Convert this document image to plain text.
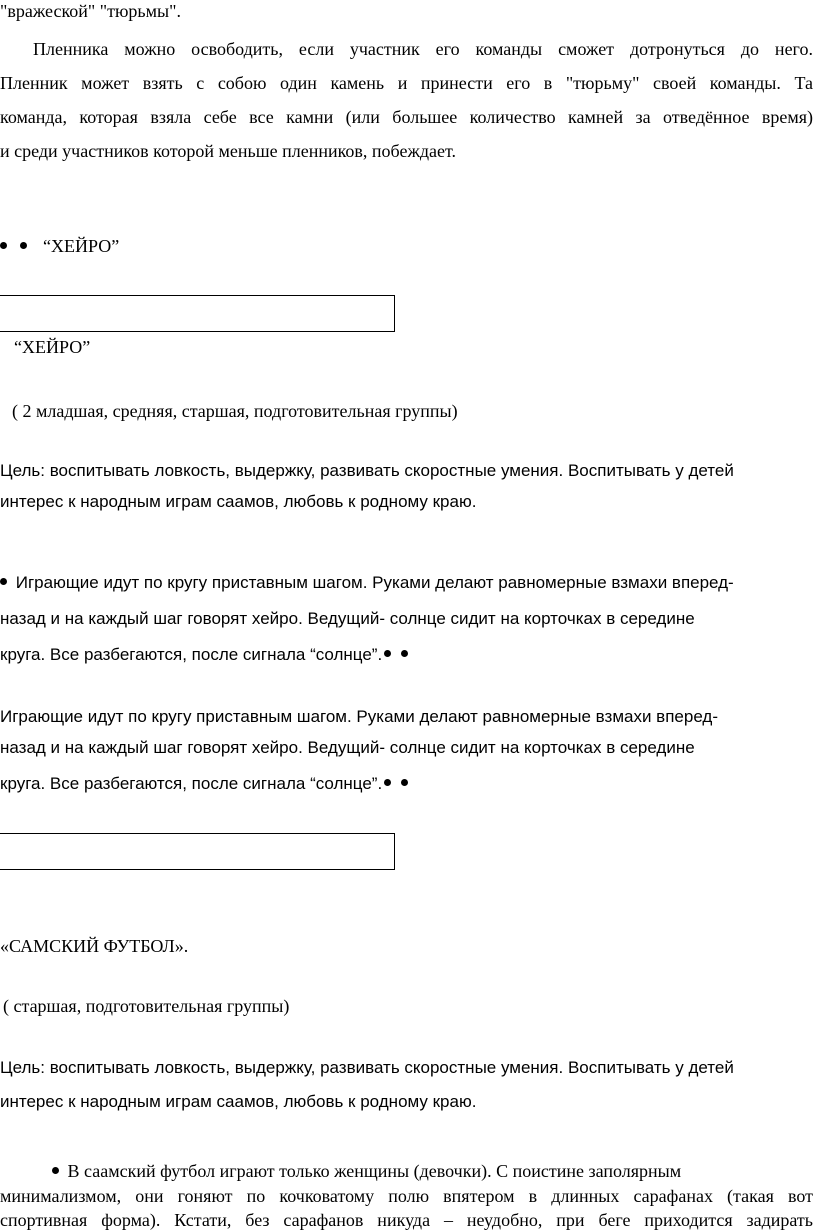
"вражеской" "тюрьмы".
Пленника можно освободить, если участник его команды сможет дотронуться до него.
Пленник может взять с собою один камень и принести его в "тюрьму" своей команды. Та
команда, которая взяла себе все камни (или большее количество камней за отведённое время)
и среди участников которой меньше пленников, побеждает.
“ХЕЙРО”
“ХЕЙРО”
( 2 младшая, средняя, старшая, подготовительная группы)
Цель: воспитывать ловкость, выдержку, развивать скоростные умения. Воспитывать у детей
интерес к народным играм саамов, любовь к родному краю.
Играющие идут по кругу приставным шагом. Руками делают равномерные взмахи вперед-
назад и на каждый шаг говорят хейро. Ведущий- солнце сидит на корточках в середине
круга. Все разбегаются, после сигнала “солнце”.
Играющие идут по кругу приставным шагом. Руками делают равномерные взмахи вперед-
назад и на каждый шаг говорят хейро. Ведущий- солнце сидит на корточках в середине
круга. Все разбегаются, после сигнала “солнце”.
«САМСКИЙ ФУТБОЛ».
( старшая, подготовительная группы)
Цель: воспитывать ловкость, выдержку, развивать скоростные умения. Воспитывать у детей
интерес к народным играм саамов, любовь к родному краю.
В саамский футбол играют только женщины (девочки). С поистине заполярным
минимализмом, они гоняют по кочковатому полю впятером в длинных сарафанах (такая вот
спортивная форма). Кстати, без сарафанов никуда – неудобно, при беге приходится задирать
